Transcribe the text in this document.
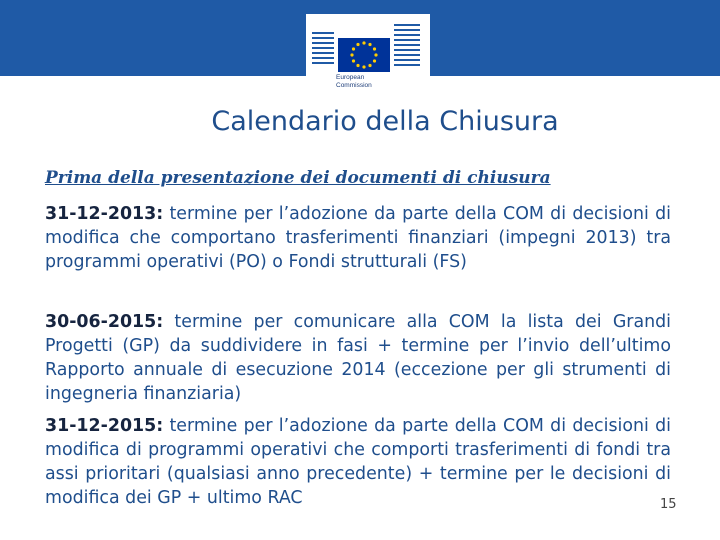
European
Commission
Calendario della Chiusura

Prima della presentazione dei documenti di chiusura

31-12-2013: termine per l’adozione da parte della COM di decisioni di modifica che comportano trasferimenti finanziari (impegni 2013) tra programmi operativi (PO) o Fondi strutturali (FS)

30-06-2015: termine per comunicare alla COM la lista dei Grandi Progetti (GP) da suddividere in fasi + termine per l’invio dell’ultimo Rapporto annuale di esecuzione 2014 (eccezione per gli strumenti di ingegneria finanziaria)

31-12-2015: termine per l’adozione da parte della COM di decisioni di modifica di programmi operativi che comporti trasferimenti di fondi tra assi prioritari (qualsiasi anno precedente) + termine per le decisioni di modifica dei GP + ultimo RAC	15
